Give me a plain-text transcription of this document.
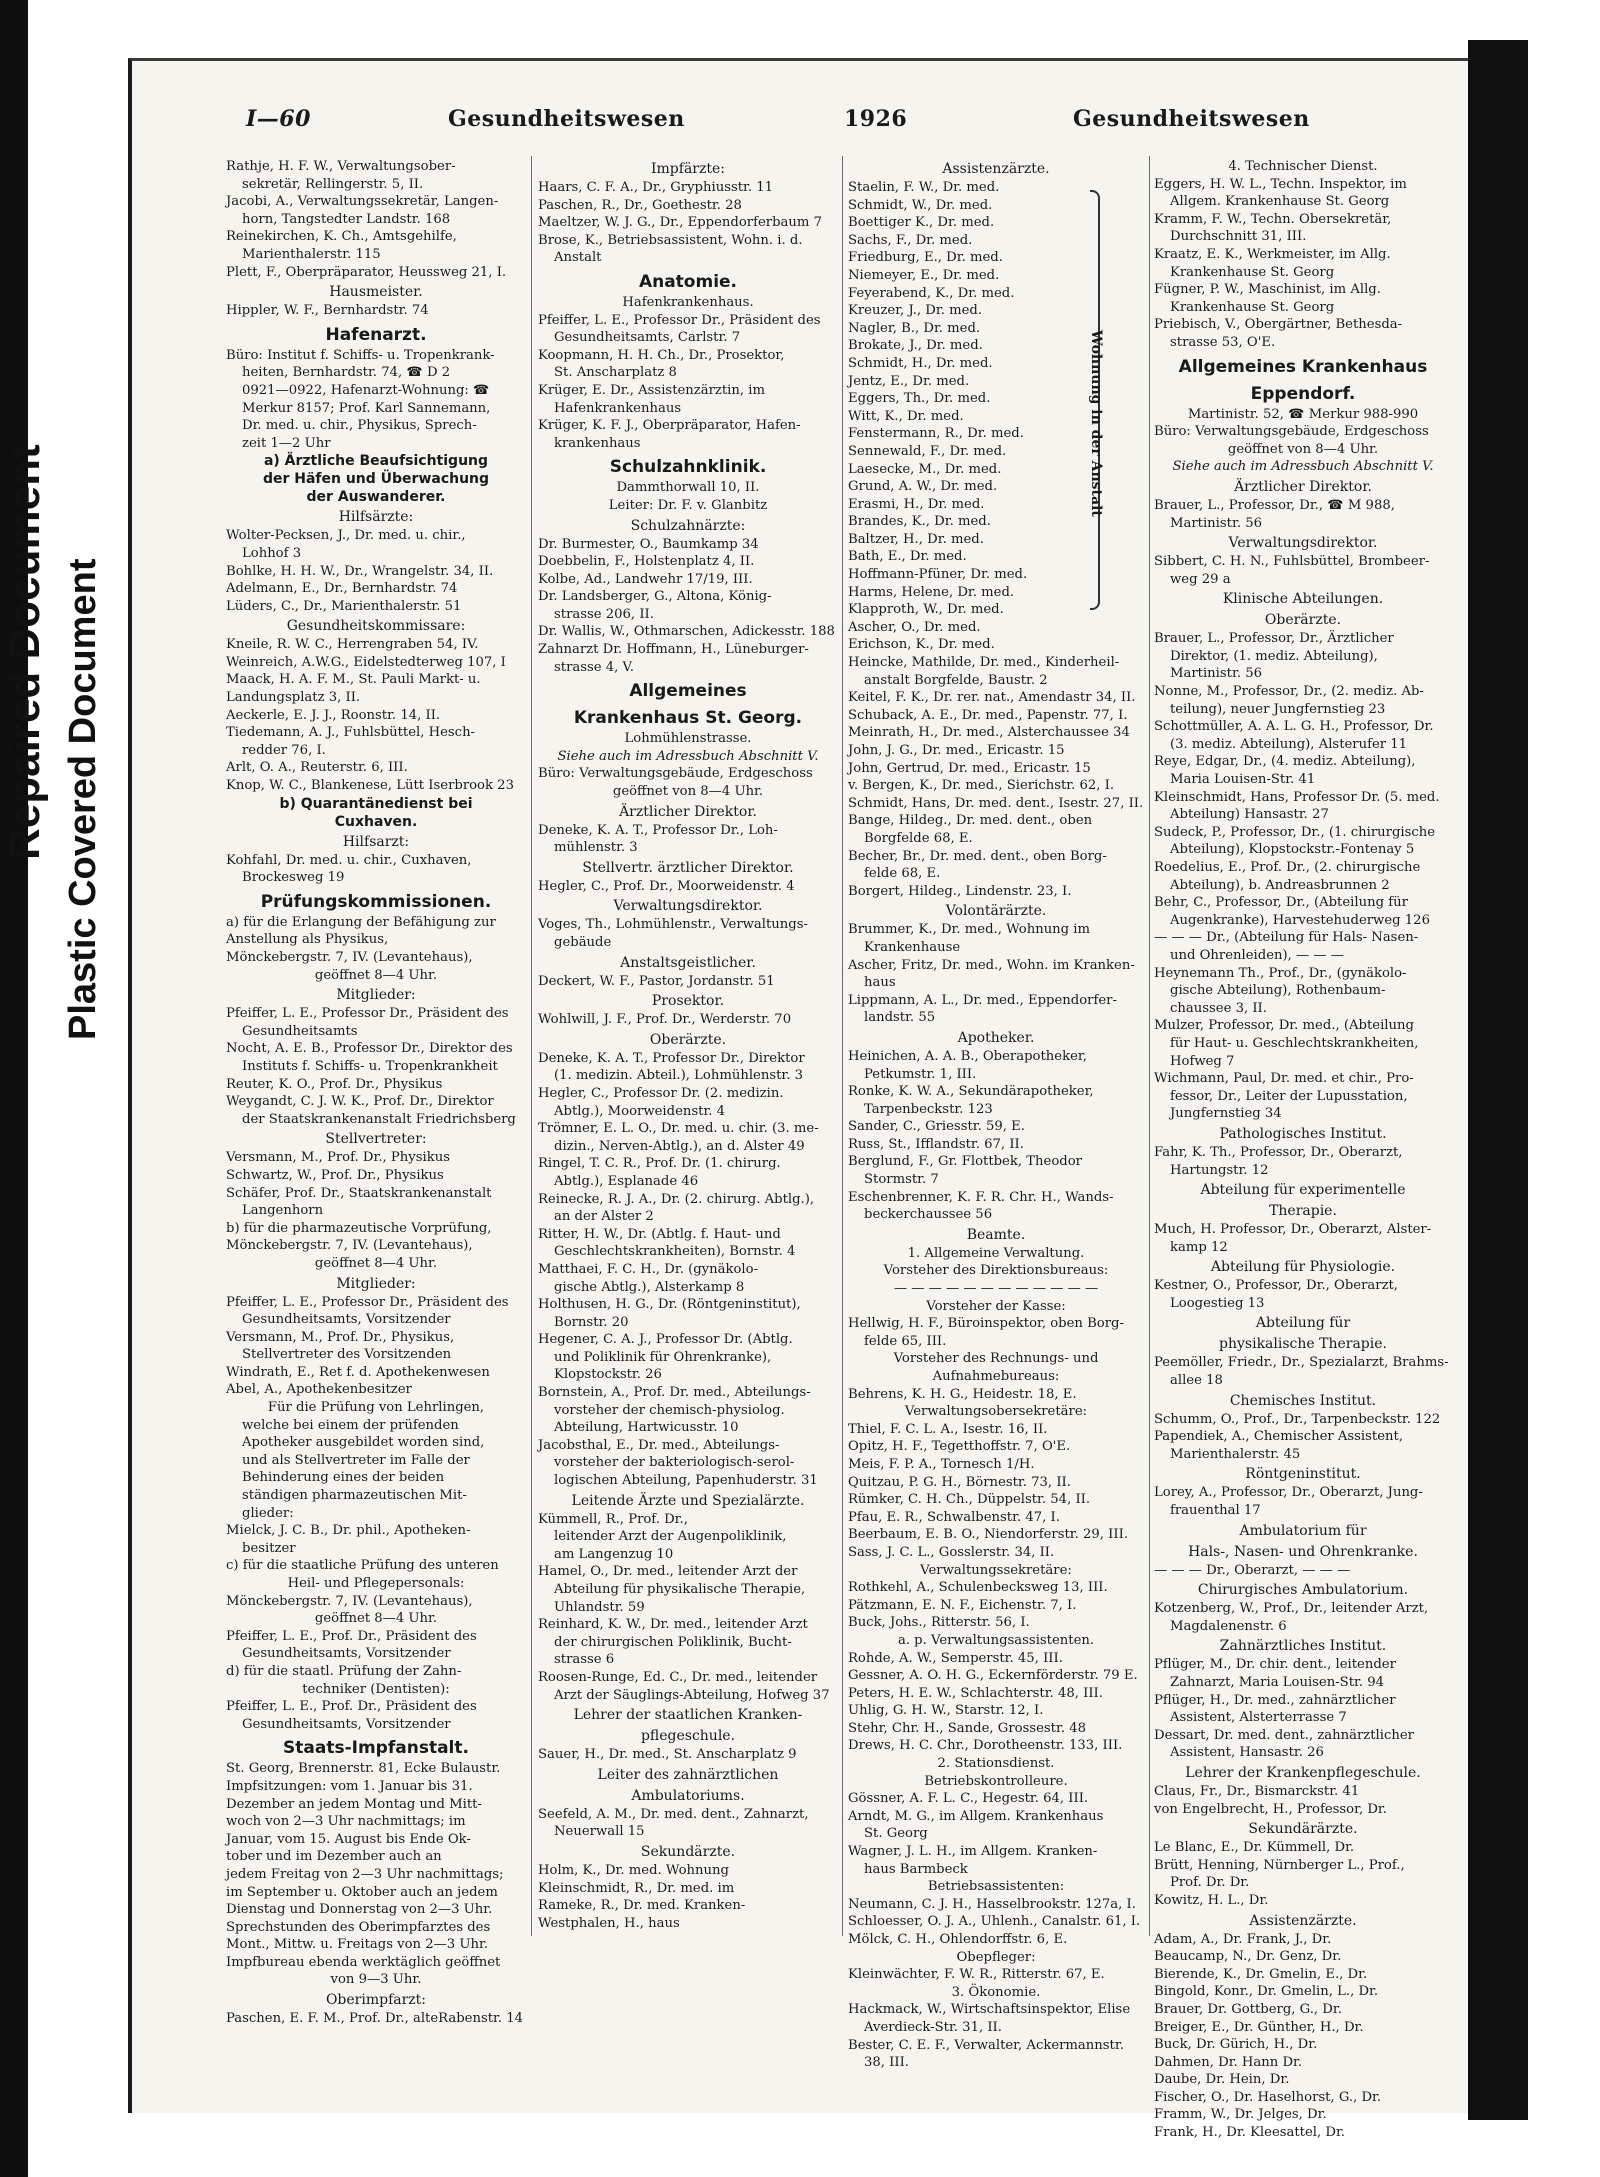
Repaired Document Plastic Covered Document
I—60	Gesundheitswesen	1926	Gesundheitswesen
Rathje, H. F. W., Verwaltungsober-
sekretär, Rellingerstr. 5, II.
Jacobi, A., Verwaltungssekretär, Langen-
horn, Tangstedter Landstr. 168
Reinekirchen, K. Ch., Amtsgehilfe,
Marienthalerstr. 115
Plett, F., Oberpräparator, Heussweg 21, I.
Hausmeister.
Hippler, W. F., Bernhardstr. 74
Hafenarzt.
Büro: Institut f. Schiffs- u. Tropenkrank-
heiten, Bernhardstr. 74, ☎ D 2
0921—0922, Hafenarzt-Wohnung: ☎
Merkur 8157; Prof. Karl Sannemann,
Dr. med. u. chir., Physikus, Sprech-
zeit 1—2 Uhr
a) Ärztliche Beaufsichtigung
der Häfen und Überwachung
der Auswanderer.
Hilfsärzte:
Wolter-Pecksen, J., Dr. med. u. chir.,
Lohhof 3
Bohlke, H. H. W., Dr., Wrangelstr. 34, II.
Adelmann, E., Dr., Bernhardstr. 74
Lüders, C., Dr., Marienthalerstr. 51
Gesundheitskommissare:
Kneile, R. W. C., Herrengraben 54, IV.
Weinreich, A.W.G., Eidelstedterweg 107, I
Maack, H. A. F. M., St. Pauli Markt- u.
Landungsplatz 3, II.
Aeckerle, E. J. J., Roonstr. 14, II.
Tiedemann, A. J., Fuhlsbüttel, Hesch-
redder 76, I.
Arlt, O. A., Reuterstr. 6, III.
Knop, W. C., Blankenese, Lütt Iserbrook 23
b) Quarantänedienst bei
Cuxhaven.
Hilfsarzt:
Kohfahl, Dr. med. u. chir., Cuxhaven,
Brockesweg 19
Prüfungskommissionen.
a) für die Erlangung der Befähigung zur
Anstellung als Physikus,
Mönckebergstr. 7, IV. (Levantehaus),
geöffnet 8—4 Uhr.
Mitglieder:
Pfeiffer, L. E., Professor Dr., Präsident des
Gesundheitsamts
Nocht, A. E. B., Professor Dr., Direktor des
Instituts f. Schiffs- u. Tropenkrankheit
Reuter, K. O., Prof. Dr., Physikus
Weygandt, C. J. W. K., Prof. Dr., Direktor
der Staatskrankenanstalt Friedrichsberg
Stellvertreter:
Versmann, M., Prof. Dr., Physikus
Schwartz, W., Prof. Dr., Physikus
Schäfer, Prof. Dr., Staatskrankenanstalt
Langenhorn
b) für die pharmazeutische Vorprüfung,
Mönckebergstr. 7, IV. (Levantehaus),
geöffnet 8—4 Uhr.
Mitglieder:
Pfeiffer, L. E., Professor Dr., Präsident des
Gesundheitsamts, Vorsitzender
Versmann, M., Prof. Dr., Physikus,
Stellvertreter des Vorsitzenden
Windrath, E., Ret f. d. Apothekenwesen
Abel, A., Apothekenbesitzer
Für die Prüfung von Lehrlingen,
welche bei einem der prüfenden
Apotheker ausgebildet worden sind,
und als Stellvertreter im Falle der
Behinderung eines der beiden
ständigen pharmazeutischen Mit-
glieder:
Mielck, J. C. B., Dr. phil., Apotheken-
besitzer
c) für die staatliche Prüfung des unteren
Heil- und Pflegepersonals:
Mönckebergstr. 7, IV. (Levantehaus),
geöffnet 8—4 Uhr.
Pfeiffer, L. E., Prof. Dr., Präsident des
Gesundheitsamts, Vorsitzender
d) für die staatl. Prüfung der Zahn-
techniker (Dentisten):
Pfeiffer, L. E., Prof. Dr., Präsident des
Gesundheitsamts, Vorsitzender
Staats-Impfanstalt.
St. Georg, Brennerstr. 81, Ecke Bulaustr.
Impfsitzungen: vom 1. Januar bis 31.
Dezember an jedem Montag und Mitt-
woch von 2—3 Uhr nachmittags; im
Januar, vom 15. August bis Ende Ok-
tober und im Dezember auch an
jedem Freitag von 2—3 Uhr nachmittags;
im September u. Oktober auch an jedem
Dienstag und Donnerstag von 2—3 Uhr.
Sprechstunden des Oberimpfarztes des
Mont., Mittw. u. Freitags von 2—3 Uhr.
Impfbureau ebenda werktäglich geöffnet
von 9—3 Uhr.
Oberimpfarzt:
Paschen, E. F. M., Prof. Dr., alteRabenstr. 14
Impfärzte:
Haars, C. F. A., Dr., Gryphiusstr. 11
Paschen, R., Dr., Goethestr. 28
Maeltzer, W. J. G., Dr., Eppendorferbaum 7
Brose, K., Betriebsassistent, Wohn. i. d.
Anstalt
Anatomie.
Hafenkrankenhaus.
Pfeiffer, L. E., Professor Dr., Präsident des
Gesundheitsamts, Carlstr. 7
Koopmann, H. H. Ch., Dr., Prosektor,
St. Anscharplatz 8
Krüger, E. Dr., Assistenzärztin, im
Hafenkrankenhaus
Krüger, K. F. J., Oberpräparator, Hafen-
krankenhaus
Schulzahnklinik.
Dammthorwall 10, II.
Leiter: Dr. F. v. Glanbitz
Schulzahnärzte:
Dr. Burmester, O., Baumkamp 34
Doebbelin, F., Holstenplatz 4, II.
Kolbe, Ad., Landwehr 17/19, III.
Dr. Landsberger, G., Altona, König-
strasse 206, II.
Dr. Wallis, W., Othmarschen, Adickesstr. 188
Zahnarzt Dr. Hoffmann, H., Lüneburger-
strasse 4, V.
Allgemeines
Krankenhaus St. Georg.
Lohmühlenstrasse.
Siehe auch im Adressbuch Abschnitt V.
Büro: Verwaltungsgebäude, Erdgeschoss
geöffnet von 8—4 Uhr.
Ärztlicher Direktor.
Deneke, K. A. T., Professor Dr., Loh-
mühlenstr. 3
Stellvertr. ärztlicher Direktor.
Hegler, C., Prof. Dr., Moorweidenstr. 4
Verwaltungsdirektor.
Voges, Th., Lohmühlenstr., Verwaltungs-
gebäude
Anstaltsgeistlicher.
Deckert, W. F., Pastor, Jordanstr. 51
Prosektor.
Wohlwill, J. F., Prof. Dr., Werderstr. 70
Oberärzte.
Deneke, K. A. T., Professor Dr., Direktor
(1. medizin. Abteil.), Lohmühlenstr. 3
Hegler, C., Professor Dr. (2. medizin.
Abtlg.), Moorweidenstr. 4
Trömner, E. L. O., Dr. med. u. chir. (3. me-
dizin., Nerven-Abtlg.), an d. Alster 49
Ringel, T. C. R., Prof. Dr. (1. chirurg.
Abtlg.), Esplanade 46
Reinecke, R. J. A., Dr. (2. chirurg. Abtlg.),
an der Alster 2
Ritter, H. W., Dr. (Abtlg. f. Haut- und
Geschlechtskrankheiten), Bornstr. 4
Matthaei, F. C. H., Dr. (gynäkolo-
gische Abtlg.), Alsterkamp 8
Holthusen, H. G., Dr. (Röntgeninstitut),
Bornstr. 20
Hegener, C. A. J., Professor Dr. (Abtlg.
und Poliklinik für Ohrenkranke),
Klopstockstr. 26
Bornstein, A., Prof. Dr. med., Abteilungs-
vorsteher der chemisch-physiolog.
Abteilung, Hartwicusstr. 10
Jacobsthal, E., Dr. med., Abteilungs-
vorsteher der bakteriologisch-serol-
logischen Abteilung, Papenhuderstr. 31
Leitende Ärzte und Spezialärzte.
Kümmell, R., Prof. Dr.,
leitender Arzt der Augenpoliklinik,
am Langenzug 10
Hamel, O., Dr. med., leitender Arzt der
Abteilung für physikalische Therapie,
Uhlandstr. 59
Reinhard, K. W., Dr. med., leitender Arzt
der chirurgischen Poliklinik, Bucht-
strasse 6
Roosen-Runge, Ed. C., Dr. med., leitender
Arzt der Säuglings-Abteilung, Hofweg 37
Lehrer der staatlichen Kranken-
pflegeschule.
Sauer, H., Dr. med., St. Anscharplatz 9
Leiter des zahnärztlichen
Ambulatoriums.
Seefeld, A. M., Dr. med. dent., Zahnarzt,
Neuerwall 15
Sekundärzte.
Holm, K., Dr. med. Wohnung
Kleinschmidt, R., Dr. med. im
Rameke, R., Dr. med. Kranken-
Westphalen, H., haus
Assistenzärzte.
Staelin, F. W., Dr. med.
Schmidt, W., Dr. med.
Boettiger K., Dr. med.
Sachs, F., Dr. med.
Friedburg, E., Dr. med.
Niemeyer, E., Dr. med.
Feyerabend, K., Dr. med.
Kreuzer, J., Dr. med.
Nagler, B., Dr. med.
Brokate, J., Dr. med.
Schmidt, H., Dr. med.
Jentz, E., Dr. med.
Eggers, Th., Dr. med.
Witt, K., Dr. med.
Fenstermann, R., Dr. med.
Sennewald, F., Dr. med.
Laesecke, M., Dr. med.
Grund, A. W., Dr. med.
Erasmi, H., Dr. med.
Brandes, K., Dr. med.
Baltzer, H., Dr. med.
Bath, E., Dr. med.
Hoffmann-Pfüner, Dr. med.
Harms, Helene, Dr. med.
Klapproth, W., Dr. med.
Ascher, O., Dr. med.
Erichson, K., Dr. med.
Heincke, Mathilde, Dr. med., Kinderheil-
anstalt Borgfelde, Baustr. 2
Keitel, F. K., Dr. rer. nat., Amendastr 34, II.
Schuback, A. E., Dr. med., Papenstr. 77, I.
Meinrath, H., Dr. med., Alsterchaussee 34
John, J. G., Dr. med., Ericastr. 15
John, Gertrud, Dr. med., Ericastr. 15
v. Bergen, K., Dr. med., Sierichstr. 62, I.
Schmidt, Hans, Dr. med. dent., Isestr. 27, II.
Bange, Hildeg., Dr. med. dent., oben
Borgfelde 68, E.
Becher, Br., Dr. med. dent., oben Borg-
felde 68, E.
Borgert, Hildeg., Lindenstr. 23, I.
Volontärärzte.
Brummer, K., Dr. med., Wohnung im
Krankenhause
Ascher, Fritz, Dr. med., Wohn. im Kranken-
haus
Lippmann, A. L., Dr. med., Eppendorfer-
landstr. 55
Apotheker.
Heinichen, A. A. B., Oberapotheker,
Petkumstr. 1, III.
Ronke, K. W. A., Sekundärapotheker,
Tarpenbeckstr. 123
Sander, C., Griesstr. 59, E.
Russ, St., Ifflandstr. 67, II.
Berglund, F., Gr. Flottbek, Theodor
Stormstr. 7
Eschenbrenner, K. F. R. Chr. H., Wands-
beckerchaussee 56
Beamte.
1. Allgemeine Verwaltung.
Vorsteher des Direktionsbureaus:
— — — — — — — — — — — —
Vorsteher der Kasse:
Hellwig, H. F., Büroinspektor, oben Borg-
felde 65, III.
Vorsteher des Rechnungs- und
Aufnahmebureaus:
Behrens, K. H. G., Heidestr. 18, E.
Verwaltungsobersekretäre:
Thiel, F. C. L. A., Isestr. 16, II.
Opitz, H. F., Tegetthoffstr. 7, O'E.
Meis, F. P. A., Tornesch 1/H.
Quitzau, P. G. H., Börnestr. 73, II.
Rümker, C. H. Ch., Düppelstr. 54, II.
Pfau, E. R., Schwalbenstr. 47, I.
Beerbaum, E. B. O., Niendorferstr. 29, III.
Sass, J. C. L., Gosslerstr. 34, II.
Verwaltungssekretäre:
Rothkehl, A., Schulenbecksweg 13, III.
Pätzmann, E. N. F., Eichenstr. 7, I.
Buck, Johs., Ritterstr. 56, I.
a. p. Verwaltungsassistenten.
Rohde, A. W., Semperstr. 45, III.
Gessner, A. O. H. G., Eckernförderstr. 79 E.
Peters, H. E. W., Schlachterstr. 48, III.
Uhlig, G. H. W., Starstr. 12, I.
Stehr, Chr. H., Sande, Grossestr. 48
Drews, H. C. Chr., Dorotheenstr. 133, III.
2. Stationsdienst.
Betriebskontrolleure.
Gössner, A. F. L. C., Hegestr. 64, III.
Arndt, M. G., im Allgem. Krankenhaus
St. Georg
Wagner, J. L. H., im Allgem. Kranken-
haus Barmbeck
Betriebsassistenten:
Neumann, C. J. H., Hasselbrookstr. 127a, I.
Schloesser, O. J. A., Uhlenh., Canalstr. 61, I.
Mölck, C. H., Ohlendorffstr. 6, E.
Obepfleger:
Kleinwächter, F. W. R., Ritterstr. 67, E.
3. Ökonomie.
Hackmack, W., Wirtschaftsinspektor, Elise
Averdieck-Str. 31, II.
Bester, C. E. F., Verwalter, Ackermannstr.
38, III.
4. Technischer Dienst.
Eggers, H. W. L., Techn. Inspektor, im
Allgem. Krankenhause St. Georg
Kramm, F. W., Techn. Obersekretär,
Durchschnitt 31, III.
Kraatz, E. K., Werkmeister, im Allg.
Krankenhause St. Georg
Fügner, P. W., Maschinist, im Allg.
Krankenhause St. Georg
Priebisch, V., Obergärtner, Bethesda-
strasse 53, O'E.
Allgemeines Krankenhaus
Eppendorf.
Martinistr. 52, ☎ Merkur 988-990
Büro: Verwaltungsgebäude, Erdgeschoss
geöffnet von 8—4 Uhr.
Siehe auch im Adressbuch Abschnitt V.
Ärztlicher Direktor.
Brauer, L., Professor, Dr., ☎ M 988,
Martinistr. 56
Verwaltungsdirektor.
Sibbert, C. H. N., Fuhlsbüttel, Brombeer-
weg 29 a
Klinische Abteilungen.
Oberärzte.
Brauer, L., Professor, Dr., Ärztlicher
Direktor, (1. mediz. Abteilung),
Martinistr. 56
Nonne, M., Professor, Dr., (2. mediz. Ab-
teilung), neuer Jungfernstieg 23
Schottmüller, A. A. L. G. H., Professor, Dr.
(3. mediz. Abteilung), Alsterufer 11
Reye, Edgar, Dr., (4. mediz. Abteilung),
Maria Louisen-Str. 41
Kleinschmidt, Hans, Professor Dr. (5. med.
Abteilung) Hansastr. 27
Sudeck, P., Professor, Dr., (1. chirurgische
Abteilung), Klopstockstr.-Fontenay 5
Roedelius, E., Prof. Dr., (2. chirurgische
Abteilung), b. Andreasbrunnen 2
Behr, C., Professor, Dr., (Abteilung für
Augenkranke), Harvestehuderweg 126
— — — Dr., (Abteilung für Hals- Nasen-
und Ohrenleiden), — — —
Heynemann Th., Prof., Dr., (gynäkolo-
gische Abteilung), Rothenbaum-
chaussee 3, II.
Mulzer, Professor, Dr. med., (Abteilung
für Haut- u. Geschlechtskrankheiten,
Hofweg 7
Wichmann, Paul, Dr. med. et chir., Pro-
fessor, Dr., Leiter der Lupusstation,
Jungfernstieg 34
Pathologisches Institut.
Fahr, K. Th., Professor, Dr., Oberarzt,
Hartungstr. 12
Abteilung für experimentelle
Therapie.
Much, H. Professor, Dr., Oberarzt, Alster-
kamp 12
Abteilung für Physiologie.
Kestner, O., Professor, Dr., Oberarzt,
Loogestieg 13
Abteilung für
physikalische Therapie.
Peemöller, Friedr., Dr., Spezialarzt, Brahms-
allee 18
Chemisches Institut.
Schumm, O., Prof., Dr., Tarpenbeckstr. 122
Papendiek, A., Chemischer Assistent,
Marienthalerstr. 45
Röntgeninstitut.
Lorey, A., Professor, Dr., Oberarzt, Jung-
frauenthal 17
Ambulatorium für
Hals-, Nasen- und Ohrenkranke.
— — — Dr., Oberarzt, — — —
Chirurgisches Ambulatorium.
Kotzenberg, W., Prof., Dr., leitender Arzt,
Magdalenenstr. 6
Zahnärztliches Institut.
Pflüger, M., Dr. chir. dent., leitender
Zahnarzt, Maria Louisen-Str. 94
Pflüger, H., Dr. med., zahnärztlicher
Assistent, Alsterterrasse 7
Dessart, Dr. med. dent., zahnärztlicher
Assistent, Hansastr. 26
Lehrer der Krankenpflegeschule.
Claus, Fr., Dr., Bismarckstr. 41
von Engelbrecht, H., Professor, Dr.
Sekundärärzte.
Le Blanc, E., Dr. Kümmell, Dr.
Brütt, Henning, Nürnberger L., Prof.,
Prof. Dr. Dr.
Kowitz, H. L., Dr.
Assistenzärzte.
Adam, A., Dr. Frank, J., Dr.
Beaucamp, N., Dr. Genz, Dr.
Bierende, K., Dr. Gmelin, E., Dr.
Bingold, Konr., Dr. Gmelin, L., Dr.
Brauer, Dr. Gottberg, G., Dr.
Breiger, E., Dr. Günther, H., Dr.
Buck, Dr. Gürich, H., Dr.
Dahmen, Dr. Hann Dr.
Daube, Dr. Hein, Dr.
Fischer, O., Dr. Haselhorst, G., Dr.
Framm, W., Dr. Jelges, Dr.
Frank, H., Dr. Kleesattel, Dr.
Wohnung in der Anstalt
